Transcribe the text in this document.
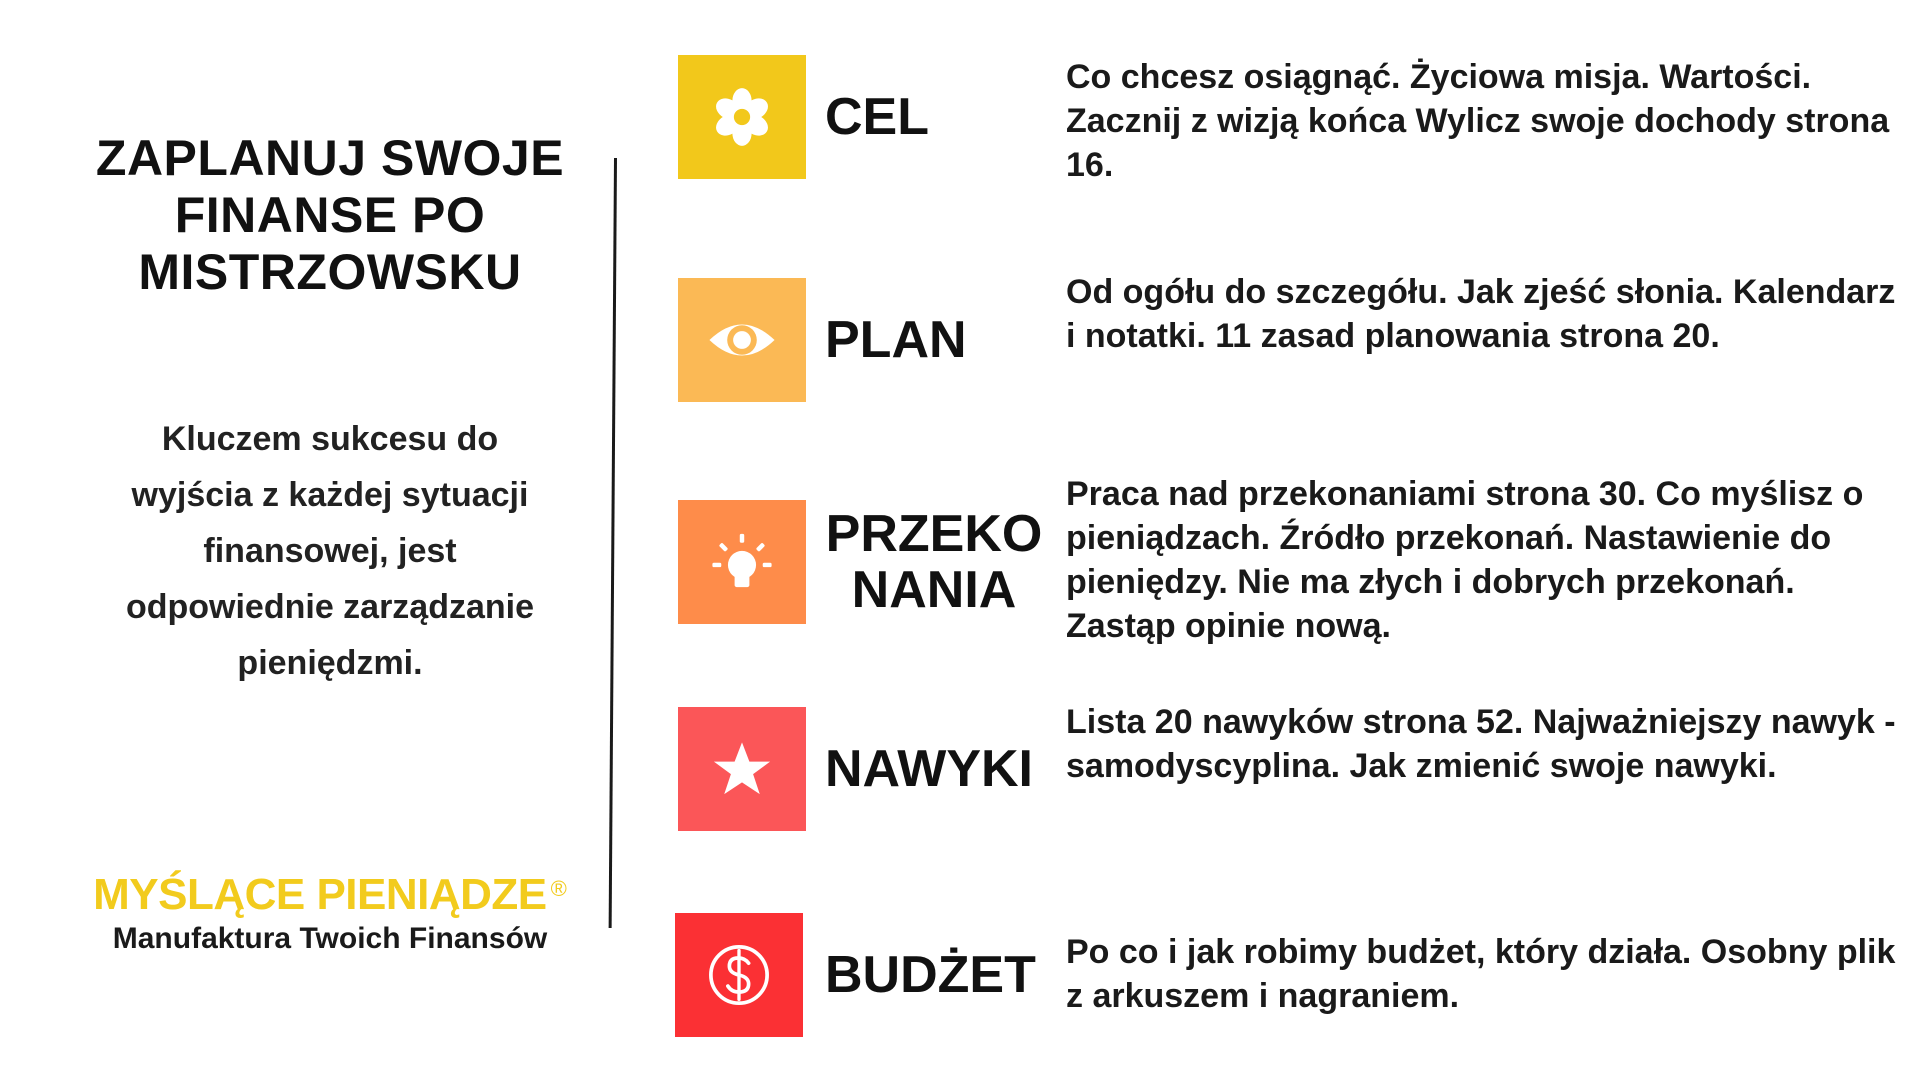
ZAPLANUJ SWOJE FINANSE PO MISTRZOWSKU

Kluczem sukcesu do wyjścia z każdej sytuacji finansowej, jest odpowiednie zarządzanie pieniędzmi.

MYŚLĄCE PIENIĄDZE ®
Manufaktura Twoich Finansów
CEL

Co chcesz osiągnąć. Życiowa misja. Wartości. Zacznij z wizją końca Wylicz swoje dochody strona 16.

PLAN

Od ogółu do szczegółu. Jak zjeść słonia. Kalendarz i notatki. 11 zasad planowania strona 20.

PRZEKO
NANIA

Praca nad przekonaniami strona 30. Co myślisz o pieniądzach. Źródło przekonań. Nastawienie do pieniędzy. Nie ma złych i dobrych przekonań. Zastąp opinie nową.

NAWYKI

Lista 20 nawyków strona 52. Najważniejszy nawyk - samodyscyplina. Jak zmienić swoje nawyki.

BUDŻET Po co i jak robimy budżet, który działa. Osobny plik z arkuszem i nagraniem.
